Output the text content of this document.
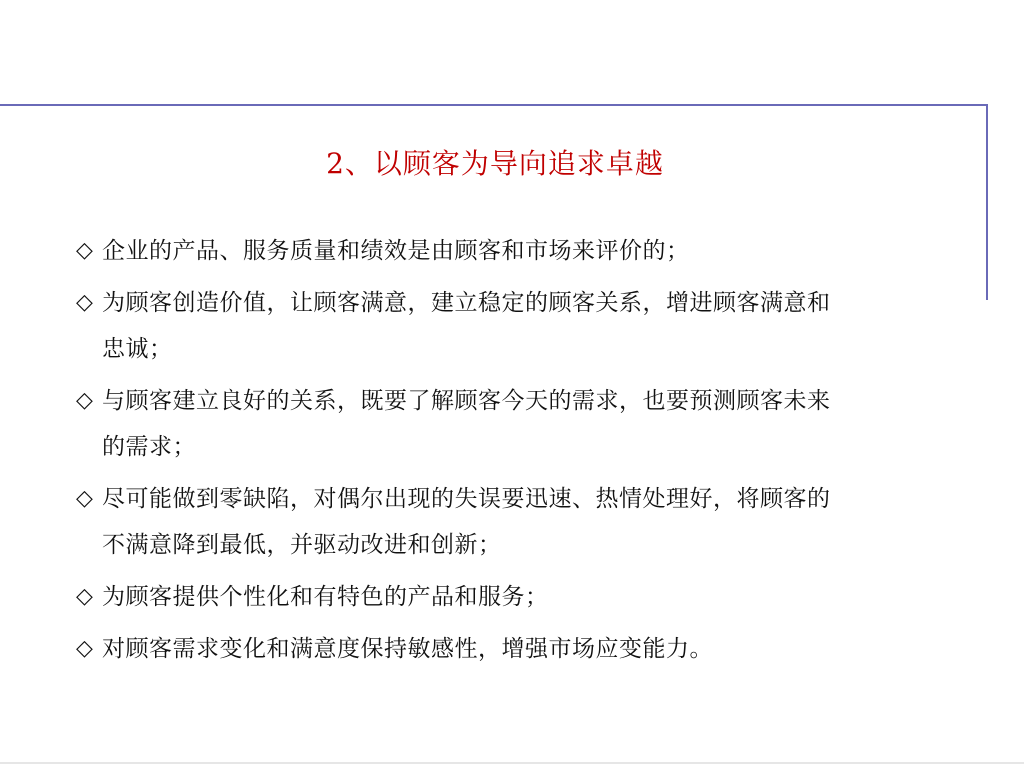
2、以顾客为导向追求卓越
◇ 企业的产品、服务质量和绩效是由顾客和市场来评价的；
◇ 为顾客创造价值，让顾客满意，建立稳定的顾客关系，增进顾客满意和
忠诚；
◇ 与顾客建立良好的关系，既要了解顾客今天的需求，也要预测顾客未来
的需求；
◇ 尽可能做到零缺陷，对偶尔出现的失误要迅速、热情处理好，将顾客的
不满意降到最低，并驱动改进和创新；
◇ 为顾客提供个性化和有特色的产品和服务；
◇ 对顾客需求变化和满意度保持敏感性，增强市场应变能力。
